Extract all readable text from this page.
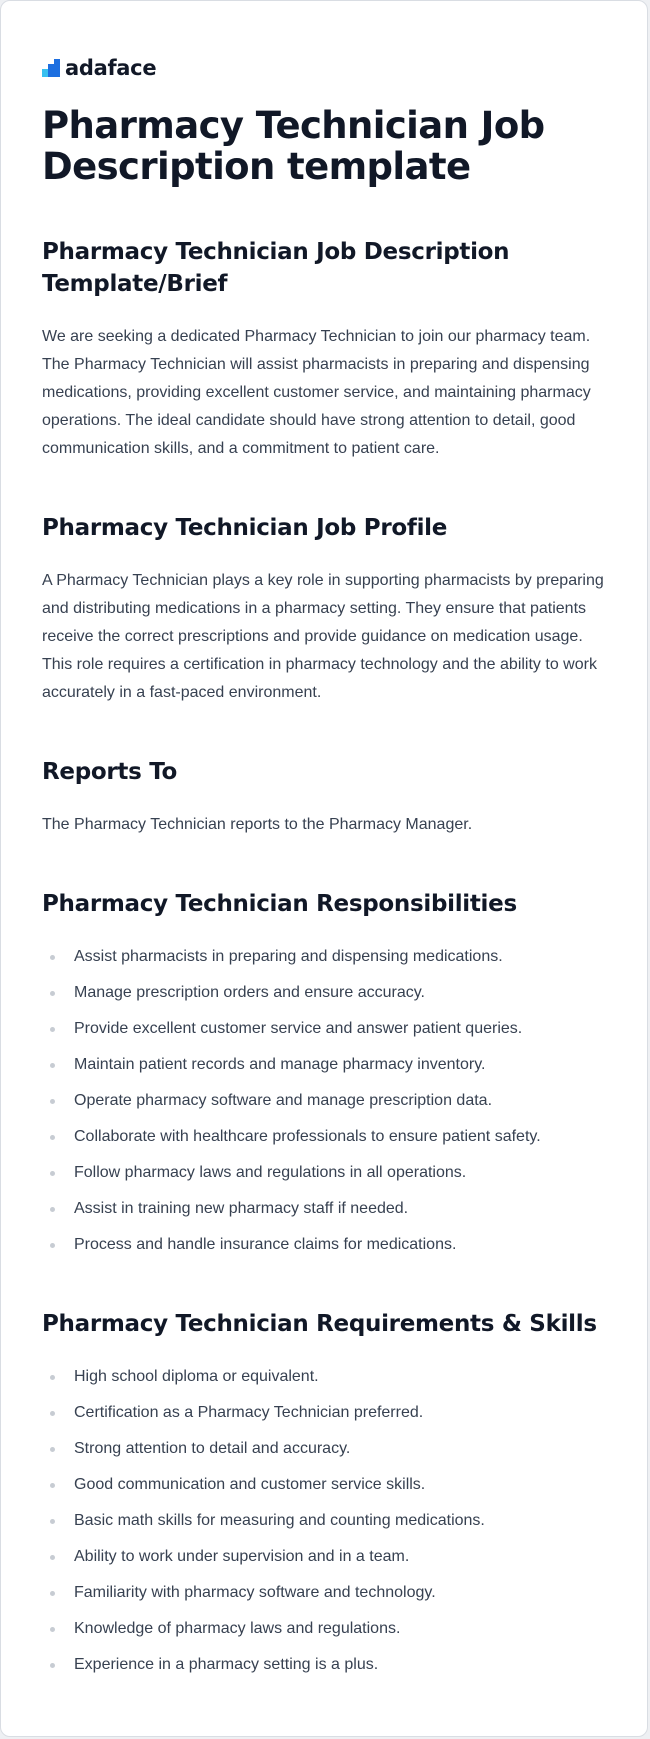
adaface
Pharmacy Technician Job Description template
Pharmacy Technician Job Description Template/Brief

We are seeking a dedicated Pharmacy Technician to join our pharmacy team. The Pharmacy Technician will assist pharmacists in preparing and dispensing medications, providing excellent customer service, and maintaining pharmacy operations. The ideal candidate should have strong attention to detail, good communication skills, and a commitment to patient care.

Pharmacy Technician Job Profile

A Pharmacy Technician plays a key role in supporting pharmacists by preparing and distributing medications in a pharmacy setting. They ensure that patients receive the correct prescriptions and provide guidance on medication usage. This role requires a certification in pharmacy technology and the ability to work accurately in a fast-paced environment.

Reports To

The Pharmacy Technician reports to the Pharmacy Manager.

Pharmacy Technician Responsibilities
Assist pharmacists in preparing and dispensing medications.
Manage prescription orders and ensure accuracy.
Provide excellent customer service and answer patient queries.
Maintain patient records and manage pharmacy inventory.
Operate pharmacy software and manage prescription data.
Collaborate with healthcare professionals to ensure patient safety.
Follow pharmacy laws and regulations in all operations.
Assist in training new pharmacy staff if needed.
Process and handle insurance claims for medications.
Pharmacy Technician Requirements & Skills
High school diploma or equivalent.
Certification as a Pharmacy Technician preferred.
Strong attention to detail and accuracy.
Good communication and customer service skills.
Basic math skills for measuring and counting medications.
Ability to work under supervision and in a team.
Familiarity with pharmacy software and technology.
Knowledge of pharmacy laws and regulations.
Experience in a pharmacy setting is a plus.
